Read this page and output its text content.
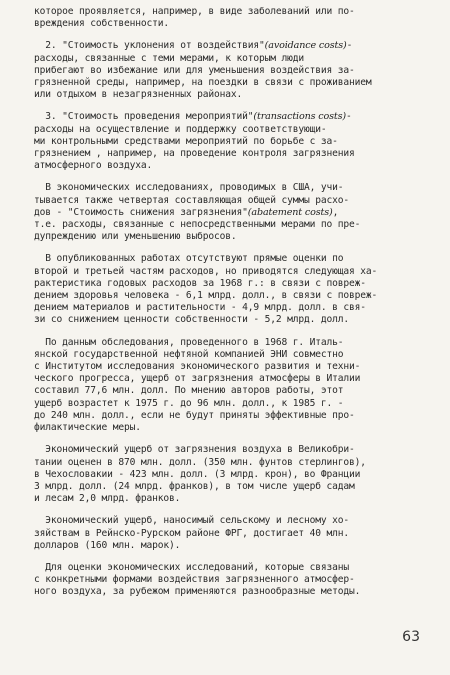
которое проявляется, например, в виде заболеваний или по-
вреждения собственности.
2. "Стоимость уклонения от воздействия"(avoidance costs)-
расходы, связанные с теми мерами, к которым люди
прибегают во избежание или для уменьшения воздействия за-
грязненной среды, например, на поездки в связи с проживанием
или отдыхом в незагрязненных районах.
3. "Стоимость проведения мероприятий"(transactions costs)-
расходы на осуществление и поддержку соответствующи-
ми контрольными средствами мероприятий по борьбе с за-
грязнением , например, на проведение контроля загрязнения
атмосферного воздуха.
В экономических исследованиях, проводимых в США, учи-
тывается также четвертая составляющая общей суммы расхо-
дов - "Стоимость снижения загрязнения"(abatement costs),
т.е. расходы, связанные с непосредственными мерами по пре-
дупреждению или уменьшению выбросов.
В опубликованных работах отсутствуют прямые оценки по
второй и третьей частям расходов, но приводятся следующая ха-
рактеристика годовых расходов за 1968 г.: в связи с повреж-
дением здоровья человека - 6,1 млрд. долл., в связи с повреж-
дением материалов и растительности - 4,9 млрд. долл. в свя-
зи со снижением ценности собственности - 5,2 млрд. долл.
По данным обследования, проведенного в 1968 г. Италь-
янской государственной нефтяной компанией ЭНИ совместно
с Институтом исследования экономического развития и техни-
ческого прогресса, ущерб от загрязнения атмосферы в Италии
составил 77,6 млн. долл. По мнению авторов работы, этот
ущерб возрастет к 1975 г. до 96 млн. долл., к 1985 г. -
до 240 млн. долл., если не будут приняты эффективные про-
филактические меры.
Экономический ущерб от загрязнения воздуха в Великобри-
тании оценен в 870 млн. долл. (350 млн. фунтов стерлингов),
в Чехословакии - 423 млн. долл. (3 млрд. крон), во Франции
3 млрд. долл. (24 млрд. франков), в том числе ущерб садам
и лесам 2,0 млрд. франков.
Экономический ущерб, наносимый сельскому и лесному хо-
зяйствам в Рейнско-Рурском районе ФРГ, достигает 40 млн.
долларов (160 млн. марок).
Для оценки экономических исследований, которые связаны
с конкретными формами воздействия загрязненного атмосфер-
ного воздуха, за рубежом применяются разнообразные методы.
63
